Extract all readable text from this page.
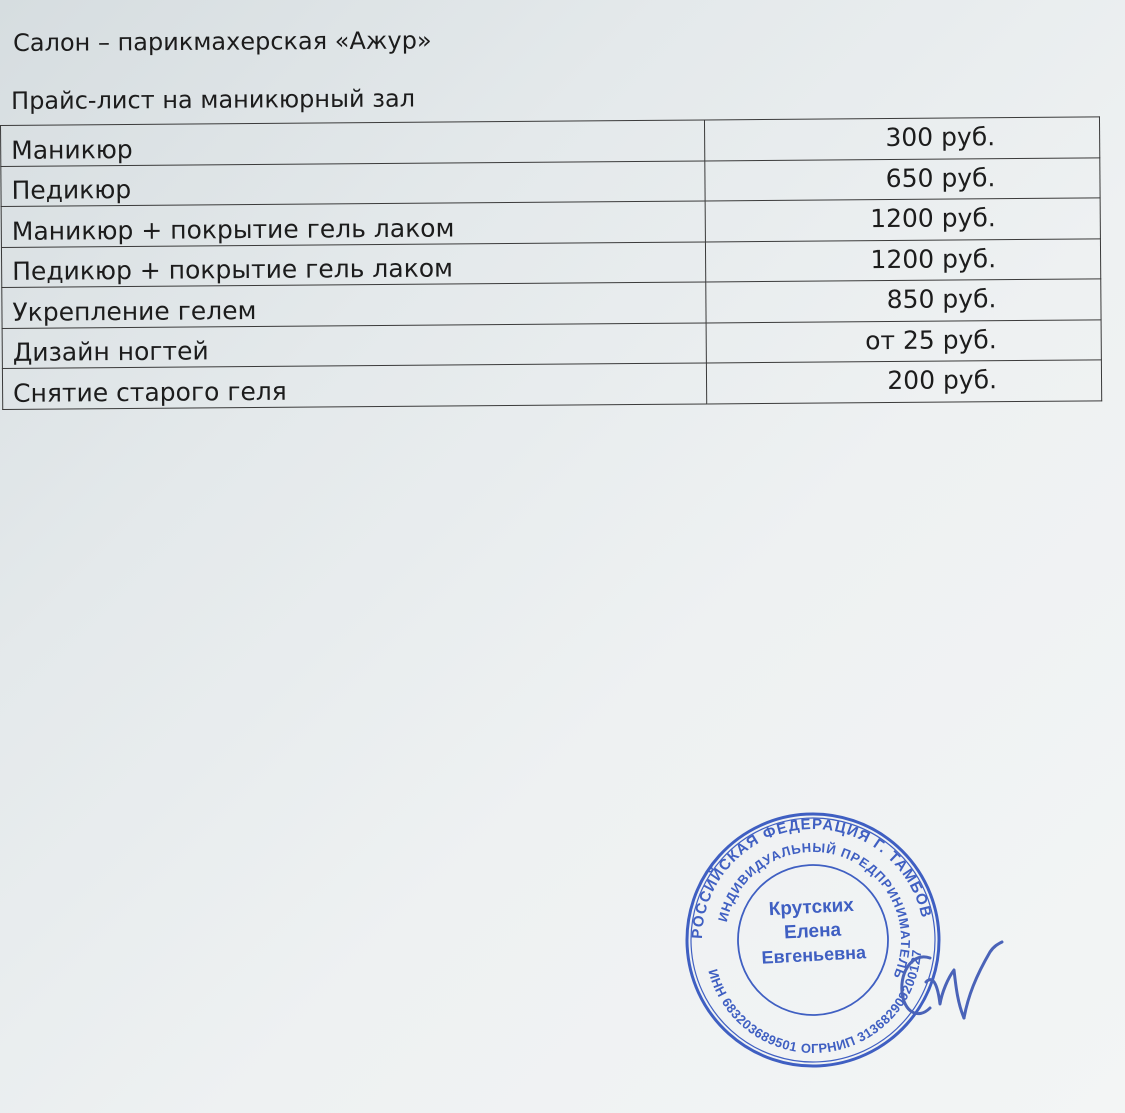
Салон – парикмахерская «Ажур»
Прайс-лист на маникюрный зал
Маникюр	300 руб.
Педикюр	650 руб.
Маникюр + покрытие гель лаком	1200 руб.
Педикюр + покрытие гель лаком	1200 руб.
Укрепление гелем	850 руб.
Дизайн ногтей	от 25 руб.
Снятие старого геля	200 руб.
РОССИЙСКАЯ ФЕДЕРАЦИЯ Г. ТАМБОВ
ИНДИВИДУАЛЬНЫЙ ПРЕДПРИНИМАТЕЛЬ
ИНН 683203689501 ОГРНИП 313682909200127
Крутских
Елена
Евгеньевна
